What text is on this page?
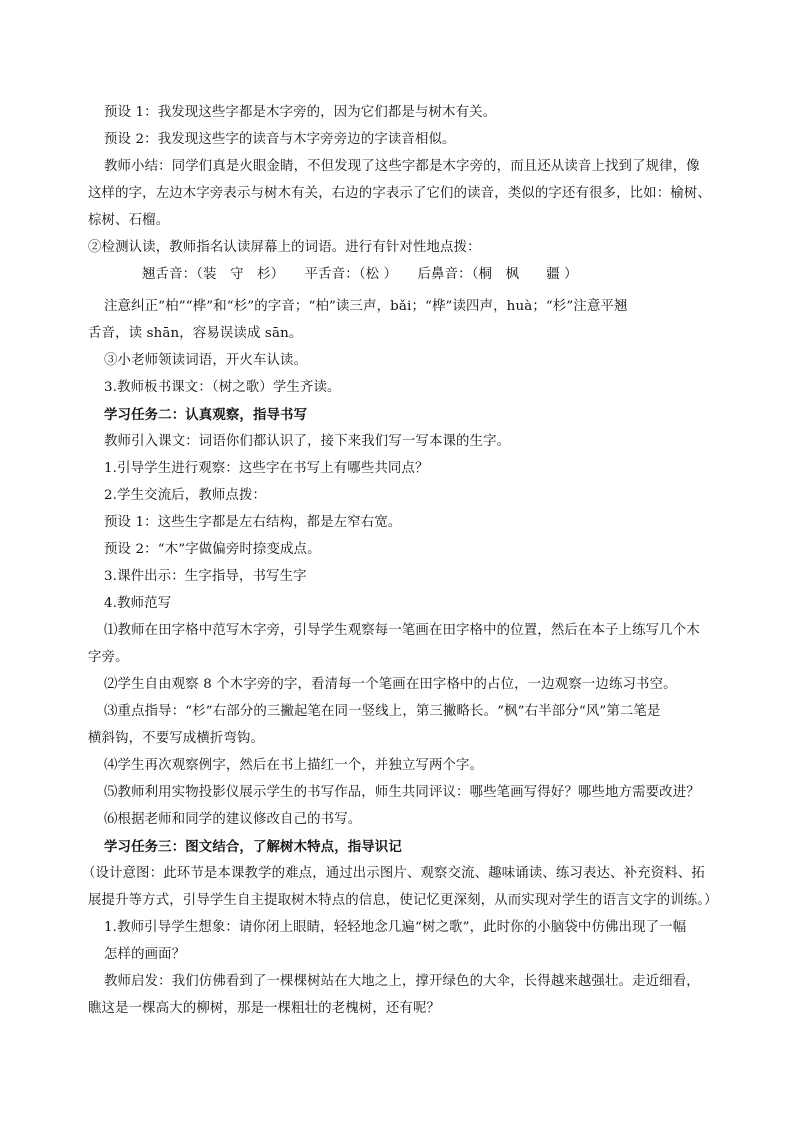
预设 1：我发现这些字都是木字旁的，因为它们都是与树木有关。
预设 2：我发现这些字的读音与木字旁旁边的字读音相似。
教师小结：同学们真是火眼金睛，不但发现了这些字都是木字旁的，而且还从读音上找到了规律，像
这样的字，左边木字旁表示与树木有关，右边的字表示了它们的读音，类似的字还有很多，比如：榆树、
棕树、石榴。
②检测认读，教师指名认读屏幕上的词语。进行有针对性地点拨：
翘舌音：（装　守　杉）　　平舌音：（松 ）　　后鼻音：（桐　枫　　疆 ）
注意纠正“柏”“桦”和“杉”的字音；“柏”读三声，bǎi；“桦”读四声，huà；“杉”注意平翘
舌音，读 shān，容易误读成 sān。
③小老师领读词语，开火车认读。
3.教师板书课文：（树之歌）学生齐读。
学习任务二：认真观察，指导书写
教师引入课文：词语你们都认识了，接下来我们写一写本课的生字。
1.引导学生进行观察：这些字在书写上有哪些共同点？
2.学生交流后，教师点拨：
预设 1：这些生字都是左右结构，都是左窄右宽。
预设 2：“木”字做偏旁时捺变成点。
3.课件出示：生字指导，书写生字
4.教师范写
⑴教师在田字格中范写木字旁，引导学生观察每一笔画在田字格中的位置，然后在本子上练写几个木
字旁。
⑵学生自由观察 8 个木字旁的字，看清每一个笔画在田字格中的占位，一边观察一边练习书空。
⑶重点指导：“杉”右部分的三撇起笔在同一竖线上，第三撇略长。“枫”右半部分“风”第二笔是
横斜钩，不要写成横折弯钩。
⑷学生再次观察例字，然后在书上描红一个，并独立写两个字。
⑸教师利用实物投影仪展示学生的书写作品，师生共同评议：哪些笔画写得好？哪些地方需要改进？
⑹根据老师和同学的建议修改自己的书写。
学习任务三：图文结合，了解树木特点，指导识记
（设计意图：此环节是本课教学的难点，通过出示图片、观察交流、趣味诵读、练习表达、补充资料、拓
展提升等方式，引导学生自主提取树木特点的信息，使记忆更深刻，从而实现对学生的语言文字的训练。）
1.教师引导学生想象：请你闭上眼睛，轻轻地念几遍“树之歌”，此时你的小脑袋中仿佛出现了一幅
怎样的画面？
教师启发：我们仿佛看到了一棵棵树站在大地之上，撑开绿色的大伞，长得越来越强壮。走近细看，
瞧这是一棵高大的柳树，那是一棵粗壮的老槐树，还有呢？
